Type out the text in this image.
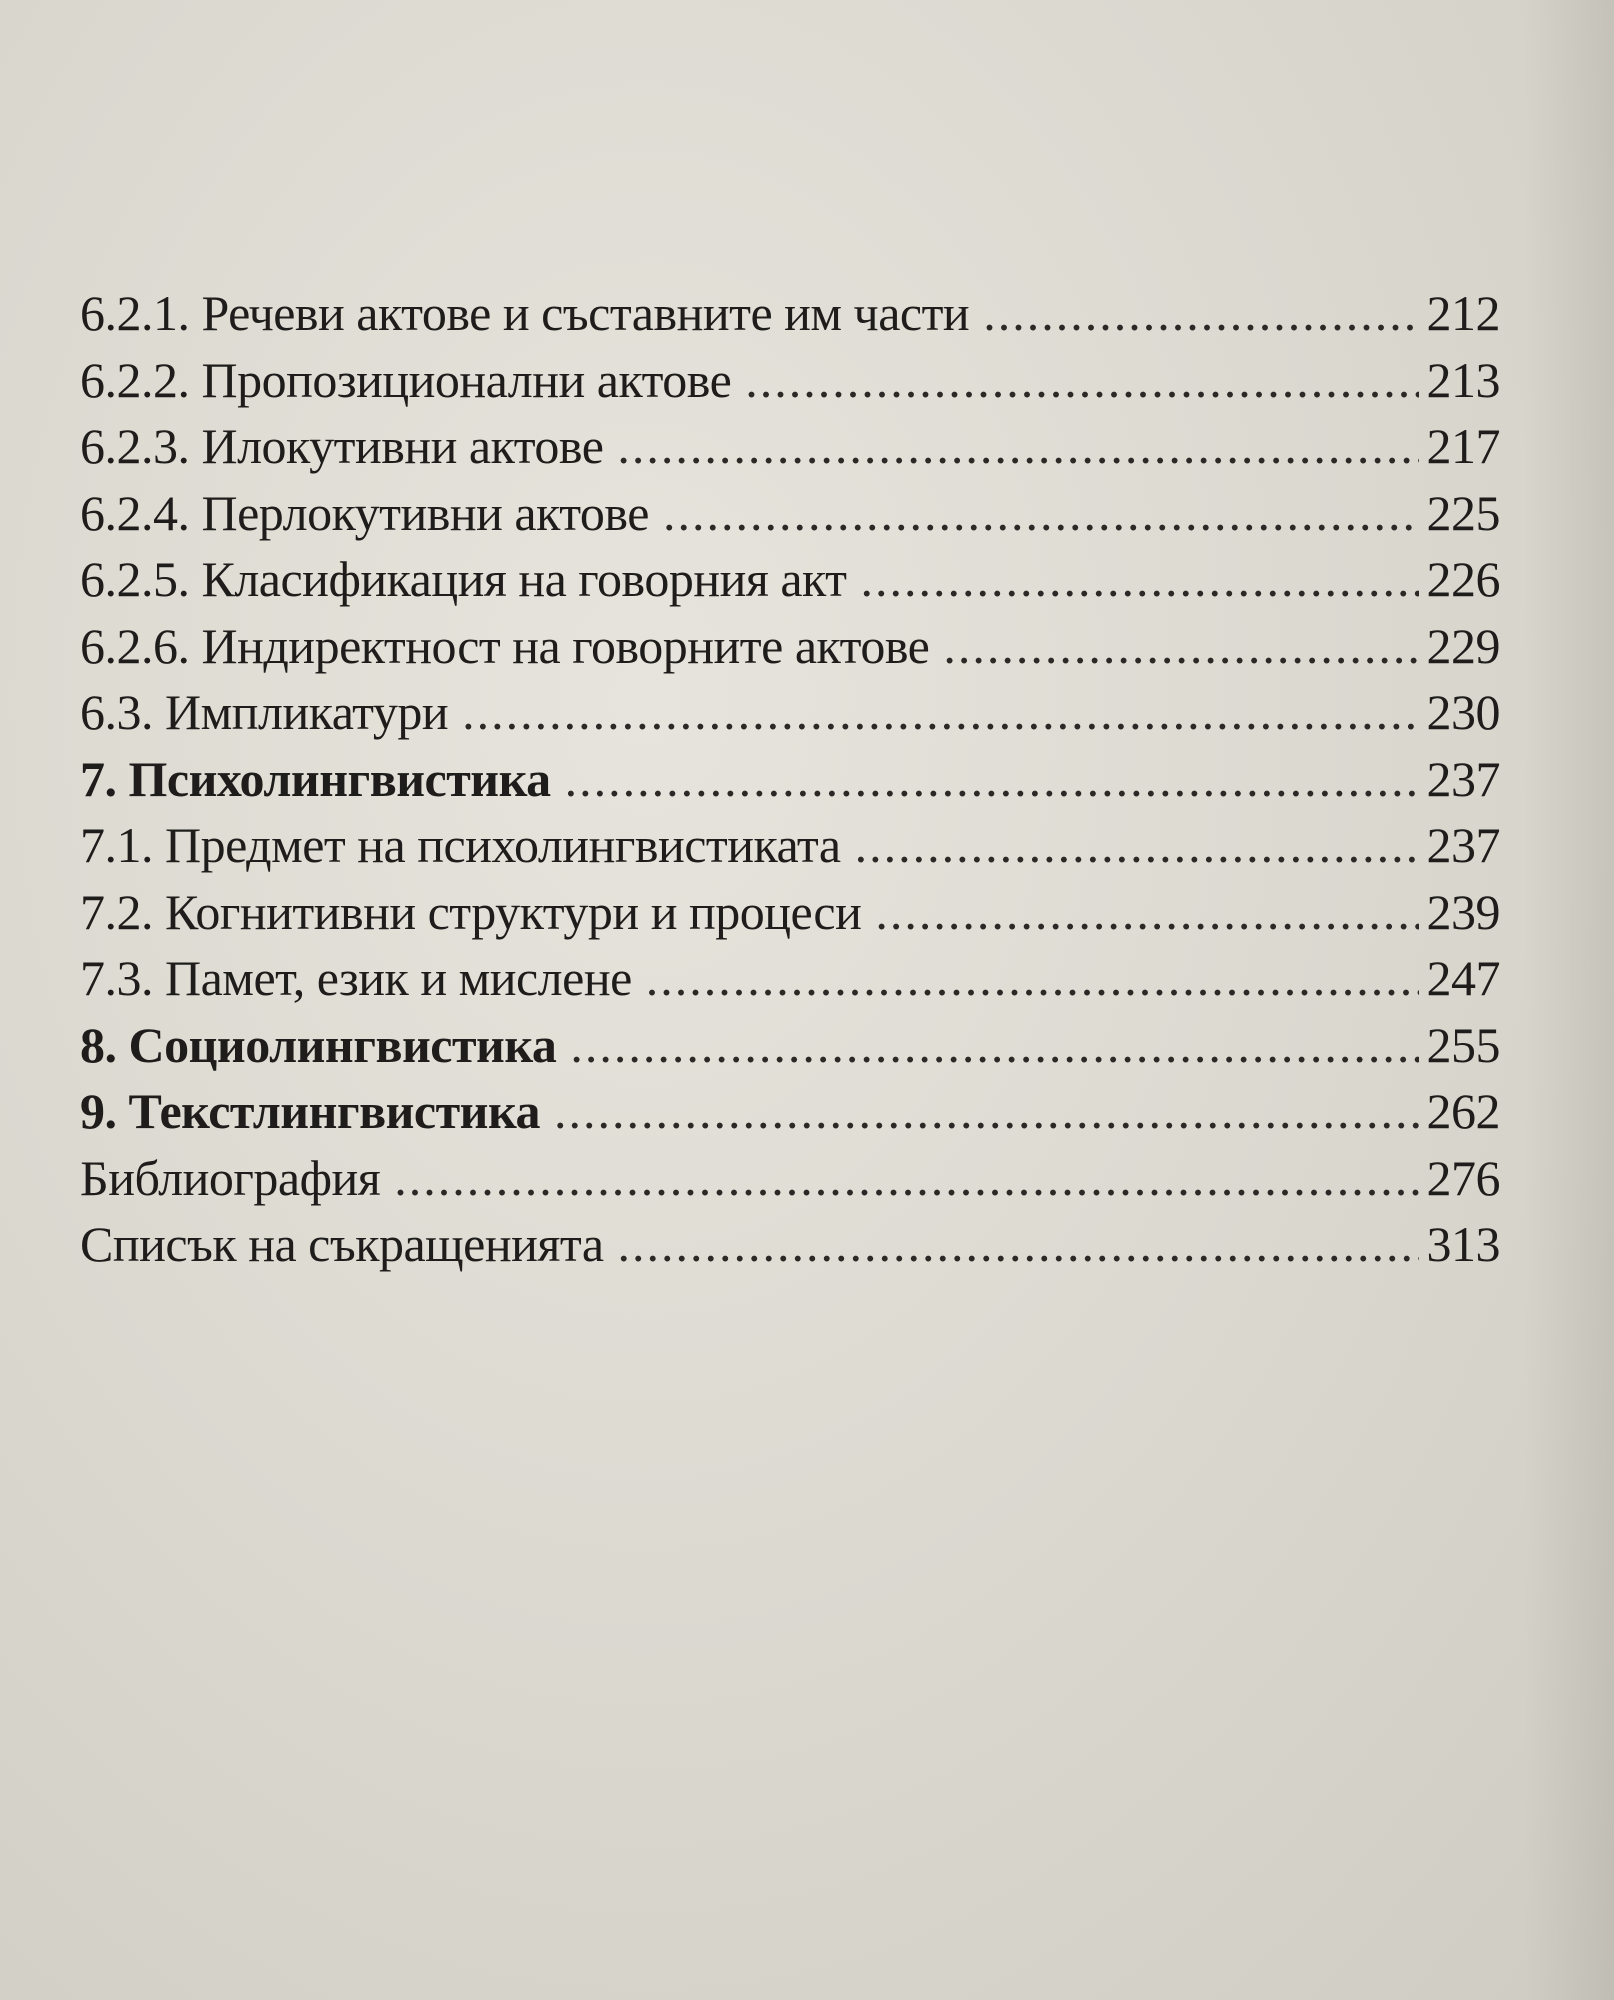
6.2.1. Речеви актове и съставните им части .....	212
6.2.2. Пропозиционални актове .....	213
6.2.3. Илокутивни актове .....	217
6.2.4. Перлокутивни актове .....	225
6.2.5. Класификация на говорния акт .....	226
6.2.6. Индиректност на говорните актове .....	229
6.3. Импликатури .....	230
7. Психолингвистика .....	237
7.1. Предмет на психолингвистиката .....	237
7.2. Когнитивни структури и процеси .....	239
7.3. Памет, език и мислене .....	247
8. Социолингвистика .....	255
9. Текстлингвистика .....	262
Библиография .....	276
Списък на съкращенията .....	313
